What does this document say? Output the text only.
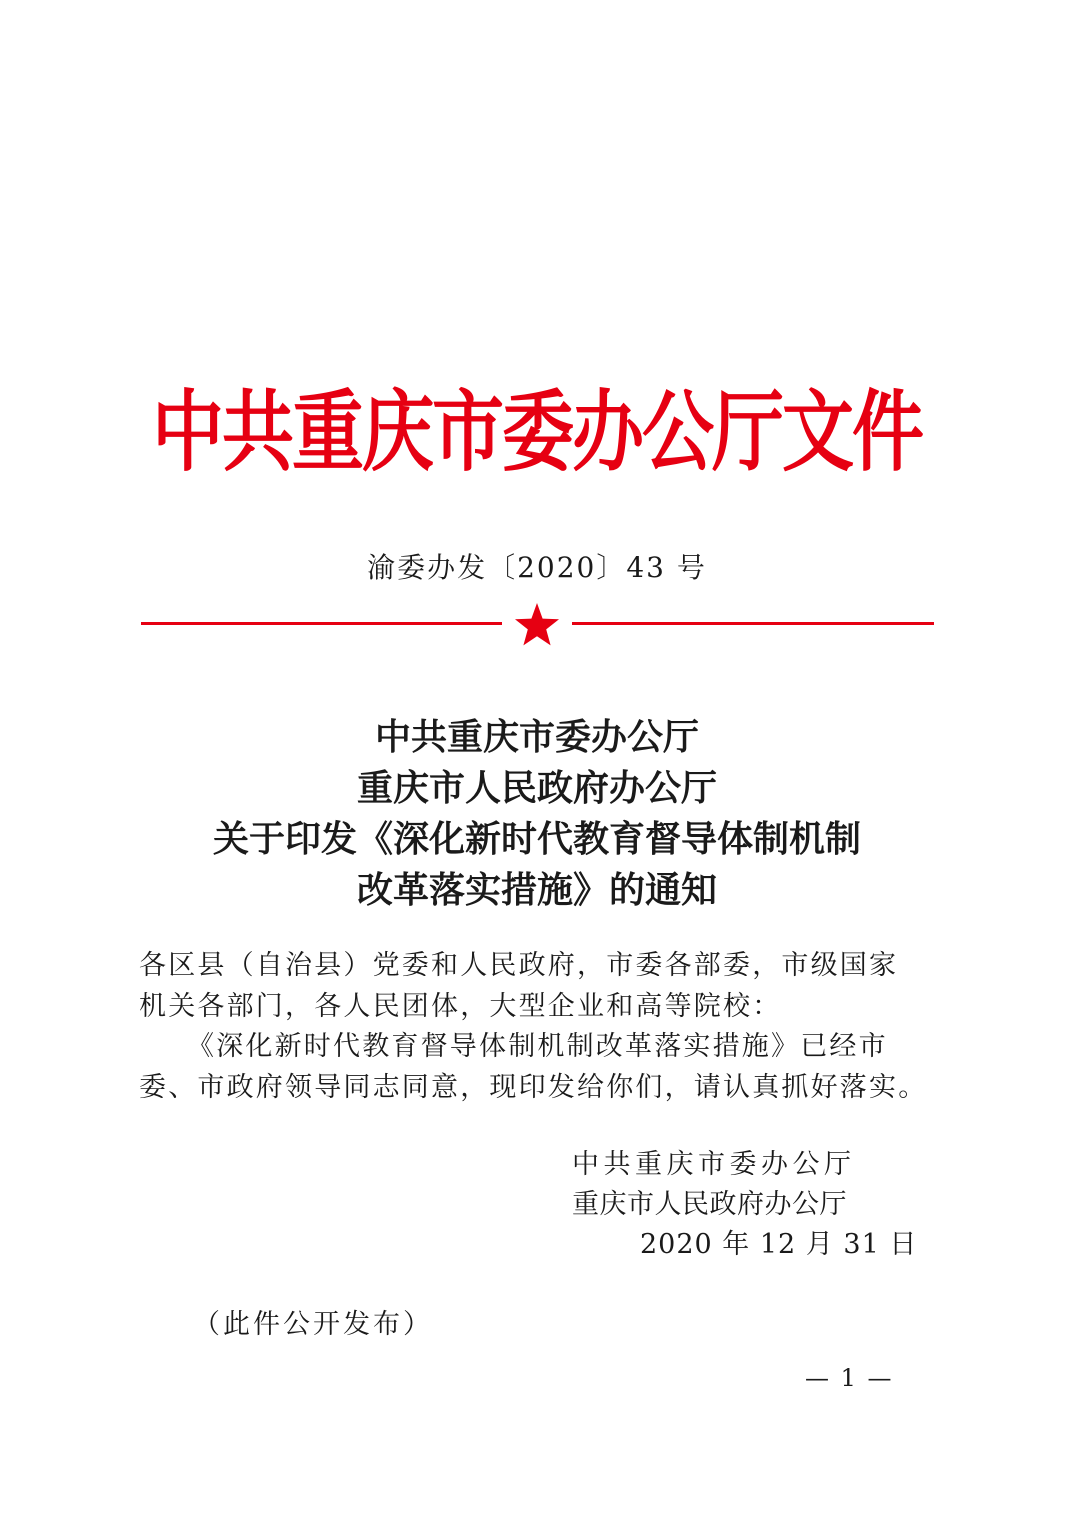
中共重庆市委办公厅文件
渝委办发〔2020〕43 号
中共重庆市委办公厅
重庆市人民政府办公厅
关于印发《深化新时代教育督导体制机制
改革落实措施》的通知

各区县（自治县）党委和人民政府，市委各部委，市级国家

机关各部门，各人民团体，大型企业和高等院校：

《深化新时代教育督导体制机制改革落实措施》已经市

委、市政府领导同志同意，现印发给你们，请认真抓好落实。

中共重庆市委办公厅
重庆市人民政府办公厅
2020 年 12 月 31 日
（此件公开发布）
— 1 —
